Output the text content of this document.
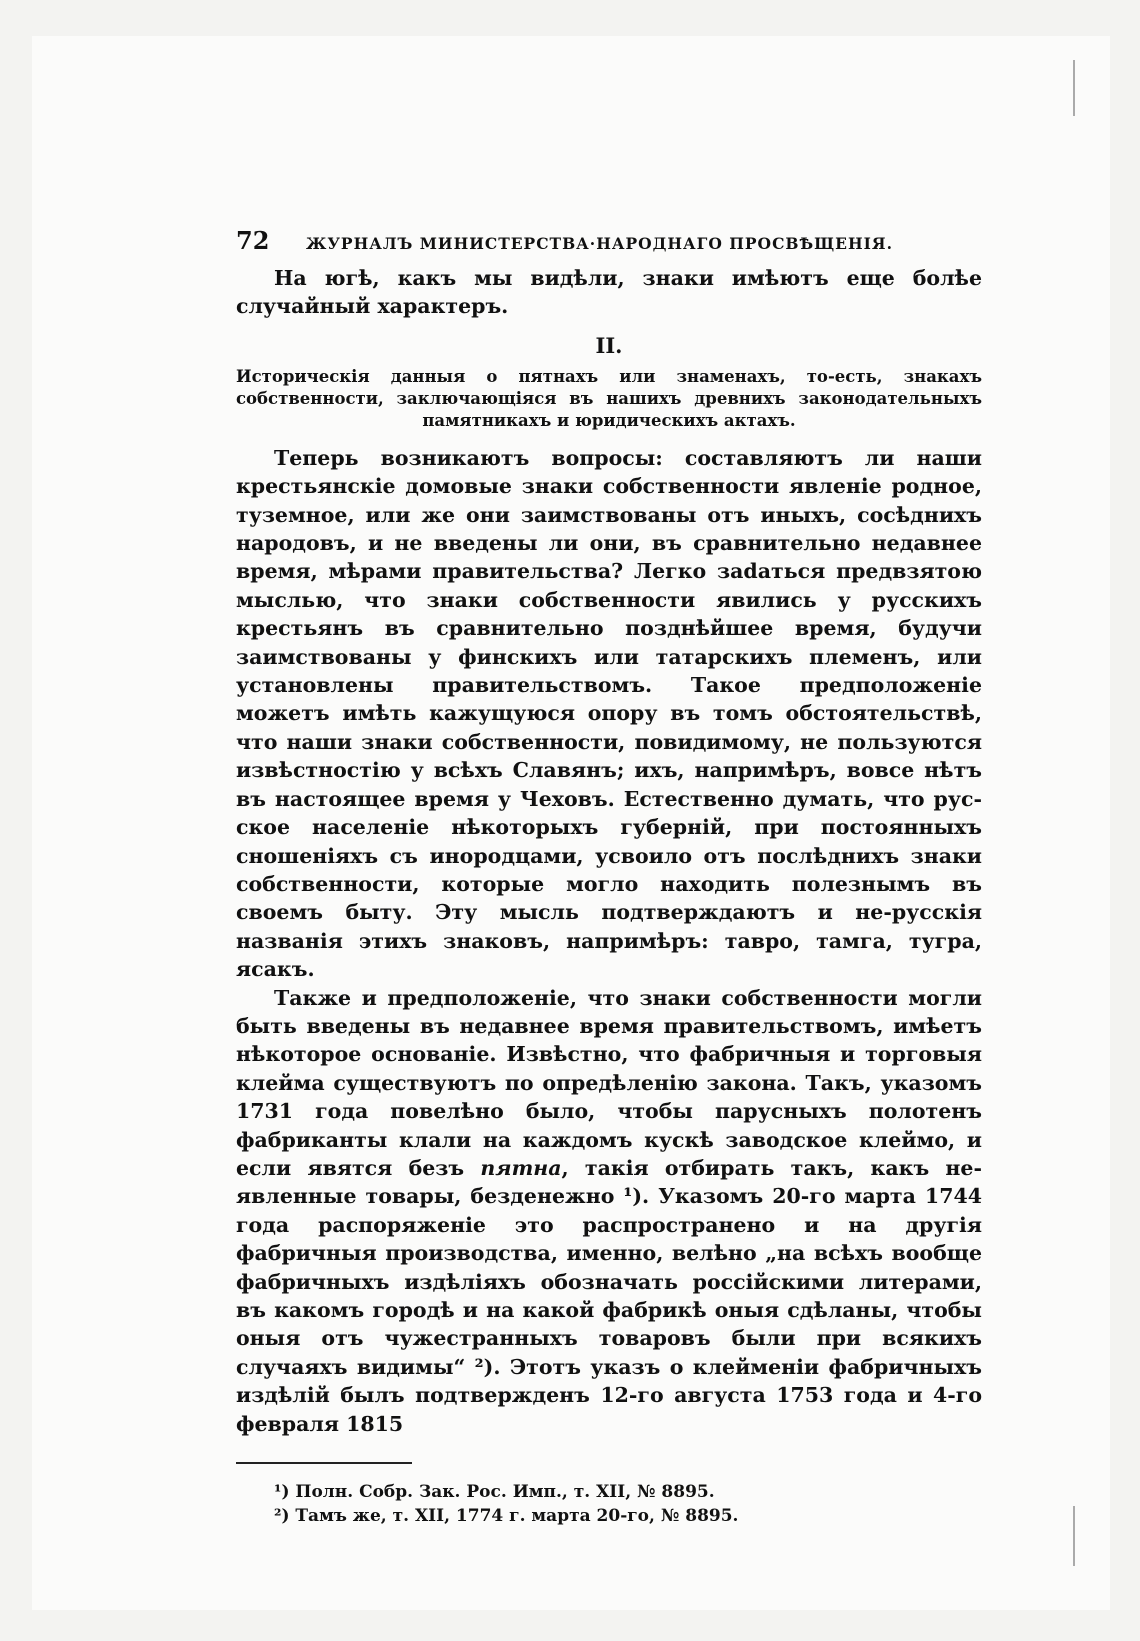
72	ЖУРНАЛЪ МИНИСТЕРСТВА·НАРОДНАГО ПРОСВѢЩЕНІЯ.

На югѣ, какъ мы видѣли, знаки имѣютъ еще болѣе случайный характеръ.

II.
Историческія данныя о пятнахъ или знаменахъ, то-есть, знакахъ собственности, заключающіяся въ нашихъ древнихъ законодательныхъ памятникахъ и юридическихъ актахъ.

Теперь возникаютъ вопросы: составляютъ ли наши крестьянскіе домовые знаки собственности явленіе родное, туземное, или же они заимствованы отъ иныхъ, сосѣднихъ народовъ, и не введены ли они, въ сравнительно недавнее время, мѣрами правительства? Легко заdаться предвзятою мыслью, что знаки собственности явились у русскихъ крестьянъ въ сравнительно позднѣйшее время, будучи заимствованы у финскихъ или татарскихъ племенъ, или установлены правительствомъ. Такое предположеніе можетъ имѣть кажущуюся опору въ томъ обстоятельствѣ, что наши знаки собственности, повидимому, не пользуются извѣстностію у всѣхъ Славянъ; ихъ, напримѣръ, вовсе нѣтъ въ настоящее время у Чеховъ. Естественно думать, что русское населеніе нѣкоторыхъ губерній, при постоянныхъ сношеніяхъ съ инородцами, усвоило отъ послѣднихъ знаки собственности, которые могло находить полезнымъ въ своемъ быту. Эту мысль подтверждаютъ и не-русскія названія этихъ знаковъ, напримѣръ: тавро, тамга, тугра, ясакъ.

Также и предположеніе, что знаки собственности могли быть введены въ недавнее время правительствомъ, имѣетъ нѣкоторое основаніе. Извѣстно, что фабричныя и торговыя клейма существуютъ по опредѣленію закона. Такъ, указомъ 1731 года повелѣно было, чтобы парусныхъ полотенъ фабриканты клали на каждомъ кускѣ заводское клеймо, и если явятся безъ пятна, такія отбирать такъ, какъ неявленные товары, безденежно ¹). Указомъ 20-го марта 1744 года распоряженіе это распространено и на другія фабричныя производства, именно, велѣно „на всѣхъ вообще фабричныхъ издѣліяхъ обозначать россійскими литерами, въ какомъ городѣ и на какой фабрикѣ оныя сдѣланы, чтобы оныя отъ чужестранныхъ товаровъ были при всякихъ случаяхъ видимы“ ²). Этотъ указъ о клейменіи фабричныхъ издѣлій былъ подтвержденъ 12-го августа 1753 года и 4-го февраля 1815

¹) Полн. Собр. Зак. Рос. Имп., т. XII, № 8895.
²) Тамъ же, т. XII, 1774 г. марта 20-го, № 8895.
